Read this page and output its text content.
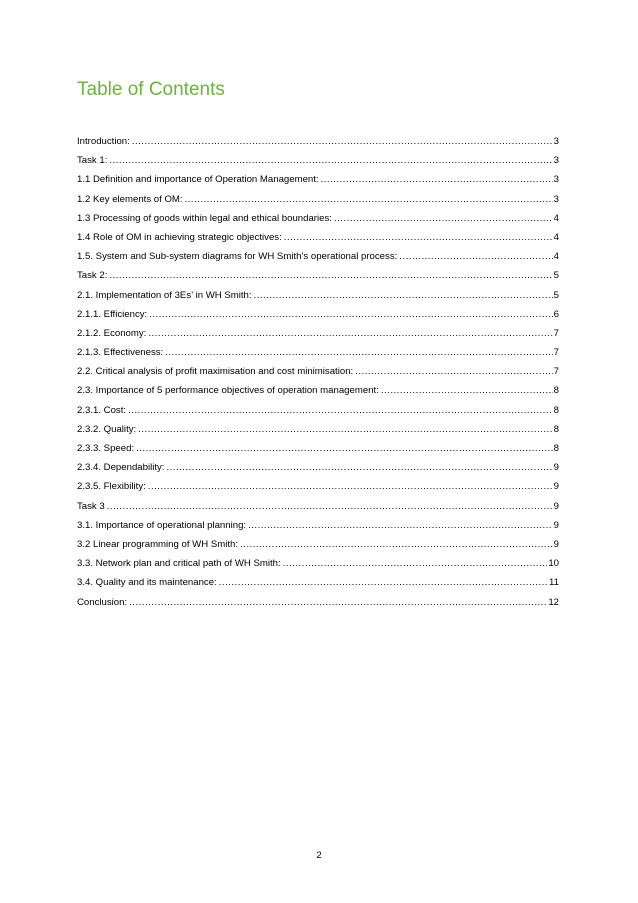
Table of Contents
Introduction: .....	3
Task 1: .....	3
1.1 Definition and importance of Operation Management: .....	3
1.2 Key elements of OM: .....	3
1.3 Processing of goods within legal and ethical boundaries: .....	4
1.4 Role of OM in achieving strategic objectives: .....	4
1.5. System and Sub-system diagrams for WH Smith’s operational process: .....	4
Task 2: .....	5
2.1. Implementation of 3Es’ in WH Smith: .....	5
2.1.1. Efficiency: .....	6
2.1.2. Economy: .....	7
2.1.3. Effectiveness: .....	7
2.2. Critical analysis of profit maximisation and cost minimisation: .....	7
2.3. Importance of 5 performance objectives of operation management: .....	8
2.3.1. Cost: .....	8
2.3.2. Quality: .....	8
2.3.3. Speed: .....	8
2.3.4. Dependability: .....	9
2.3.5. Flexibility: .....	9
Task 3 .....	9
3.1. Importance of operational planning: .....	9
3.2 Linear programming of WH Smith: .....	9
3.3. Network plan and critical path of WH Smith: .....	10
3.4. Quality and its maintenance: .....	11
Conclusion: .....	12
2
